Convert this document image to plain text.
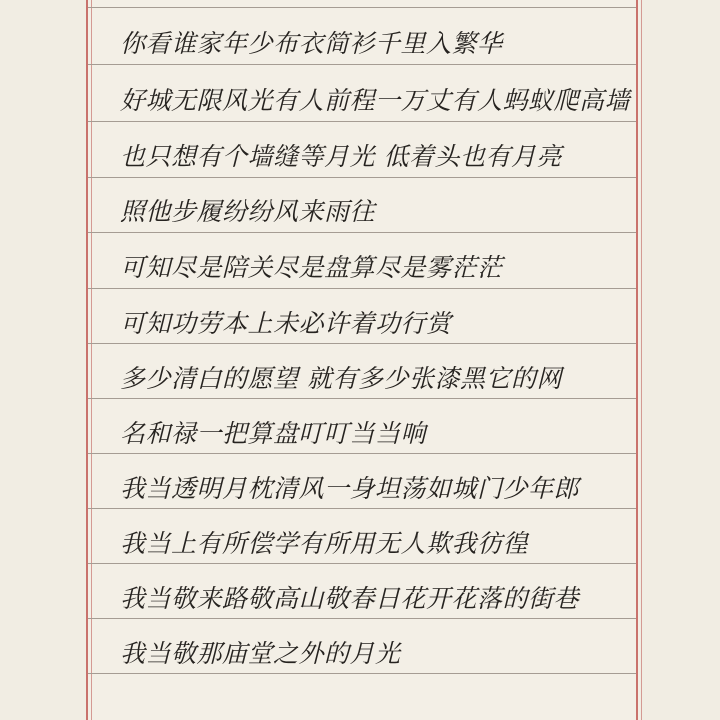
你看谁家年少布衣简衫千里入繁华
好城无限风光有人前程一万丈有人蚂蚁爬高墙
也只想有个墙缝等月光 低着头也有月亮
照他步履纷纷风来雨往
可知尽是陪关尽是盘算尽是雾茫茫
可知功劳本上未必许着功行赏
多少清白的愿望 就有多少张漆黑它的网
名和禄一把算盘叮叮当当响
我当透明月枕清风一身坦荡如城门少年郎
我当上有所偿学有所用无人欺我彷徨
我当敬来路敬高山敬春日花开花落的街巷
我当敬那庙堂之外的月光
